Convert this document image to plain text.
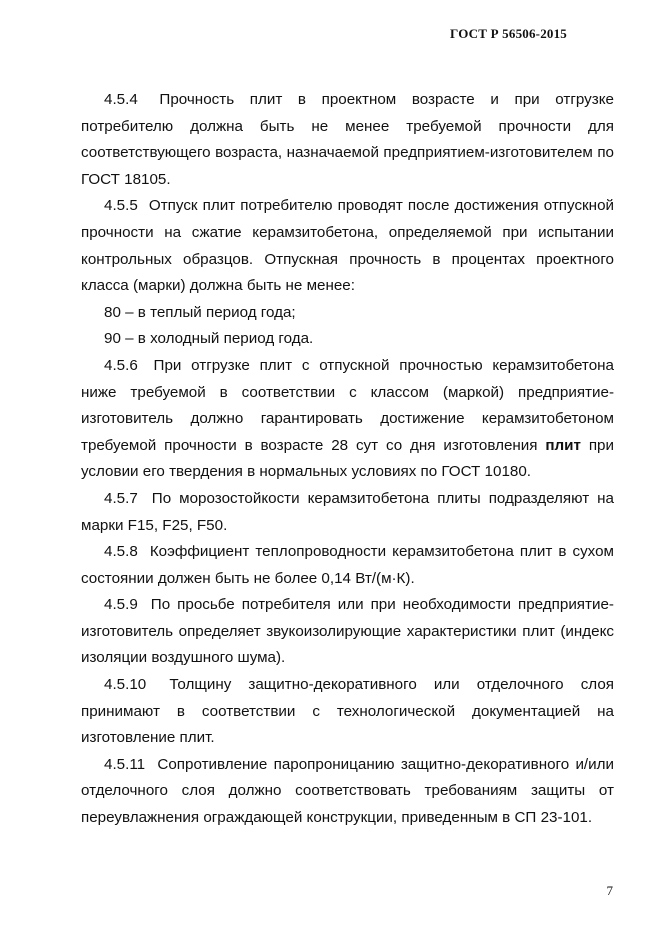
ГОСТ Р 56506-2015

4.5.4 Прочность плит в проектном возрасте и при отгрузке потребителю должна быть не менее требуемой прочности для соответствующего возраста, назначаемой предприятием-изготовителем по ГОСТ 18105.

4.5.5 Отпуск плит потребителю проводят после достижения отпускной прочности на сжатие керамзитобетона, определяемой при испытании контрольных образцов. Отпускная прочность в процентах проектного класса (марки) должна быть не менее:

80 – в теплый период года;

90 – в холодный период года.

4.5.6 При отгрузке плит с отпускной прочностью керамзитобетона ниже требуемой в соответствии с классом (маркой) предприятие-изготовитель должно гарантировать достижение керамзитобетоном требуемой прочности в возрасте 28 сут со дня изготовления плит при условии его твердения в нормальных условиях по ГОСТ 10180.

4.5.7 По морозостойкости керамзитобетона плиты подразделяют на марки F15, F25, F50.

4.5.8 Коэффициент теплопроводности керамзитобетона плит в сухом состоянии должен быть не более 0,14 Вт/(м·К).

4.5.9 По просьбе потребителя или при необходимости предприятие-изготовитель определяет звукоизолирующие характеристики плит (индекс изоляции воздушного шума).

4.5.10 Толщину защитно-декоративного или отделочного слоя принимают в соответствии с технологической документацией на изготовление плит.

4.5.11 Сопротивление паропроницанию защитно-декоративного и/или отделочного слоя должно соответствовать требованиям защиты от переувлажнения ограждающей конструкции, приведенным в СП 23-101.

7
